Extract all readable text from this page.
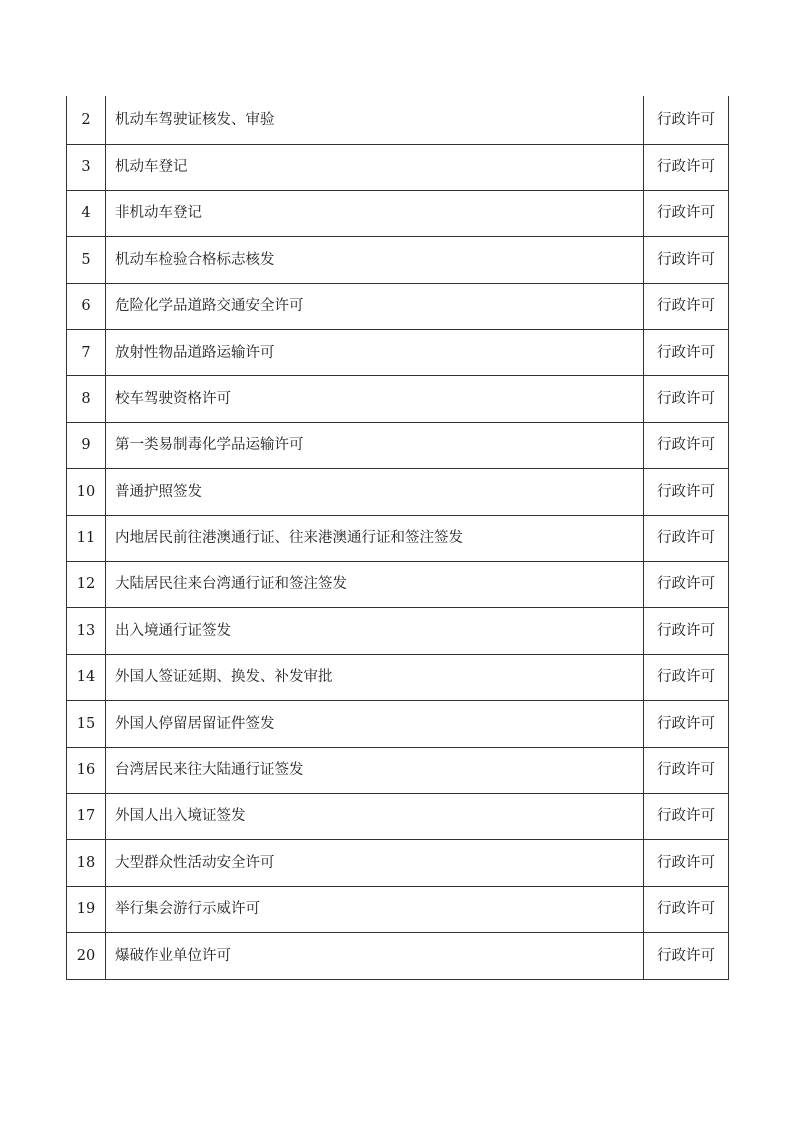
2	机动车驾驶证核发、审验	行政许可
3	机动车登记	行政许可
4	非机动车登记	行政许可
5	机动车检验合格标志核发	行政许可
6	危险化学品道路交通安全许可	行政许可
7	放射性物品道路运输许可	行政许可
8	校车驾驶资格许可	行政许可
9	第一类易制毒化学品运输许可	行政许可
10	普通护照签发	行政许可
11	内地居民前往港澳通行证、往来港澳通行证和签注签发	行政许可
12	大陆居民往来台湾通行证和签注签发	行政许可
13	出入境通行证签发	行政许可
14	外国人签证延期、换发、补发审批	行政许可
15	外国人停留居留证件签发	行政许可
16	台湾居民来往大陆通行证签发	行政许可
17	外国人出入境证签发	行政许可
18	大型群众性活动安全许可	行政许可
19	举行集会游行示威许可	行政许可
20	爆破作业单位许可	行政许可
